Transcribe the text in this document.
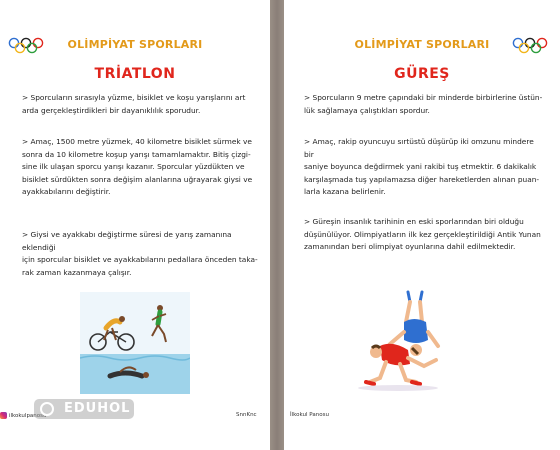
OLİMPİYAT SPORLARI
TRİATLON

> Sporcuların sırasıyla yüzme, bisiklet ve koşu yarışlarını art

arda gerçekleştirdikleri bir dayanıklılık sporudur.

> Amaç, 1500 metre yüzmek, 40 kilometre bisiklet sürmek ve

sonra da 10 kilometre koşup yarışı tamamlamaktır. Bitiş çizgi-

sine ilk ulaşan sporcu yarışı kazanır. Sporcular yüzdükten ve

bisiklet sürdükten sonra değişim alanlarına uğrayarak giysi ve

ayakkabılarını değiştirir.

> Giysi ve ayakkabı değiştirme süresi de yarış zamanına eklendiği

için sporcular bisiklet ve ayakkabılarını pedallara önceden taka-

rak zaman kazanmaya çalışır.

ilkokulpanosu	SnnKnc
OLİMPİYAT SPORLARI
GÜREŞ

> Sporcuların 9 metre çapındaki bir minderde birbirlerine üstün-

lük sağlamaya çalıştıkları spordur.

> Amaç, rakip oyuncuyu sırtüstü düşürüp iki omzunu mindere bir

saniye boyunca değdirmek yani rakibi tuş etmektir. 6 dakikalık

karşılaşmada tuş yapılamazsa diğer hareketlerden alınan puan-

larla kazana belirlenir.

> Güreşin insanlık tarihinin en eski sporlarından biri olduğu

düşünülüyor. Olimpiyatların ilk kez gerçekleştirildiği Antik Yunan

zamanından beri olimpiyat oyunlarına dahil edilmektedir.

İlkokul Panosu
EDUHOL
